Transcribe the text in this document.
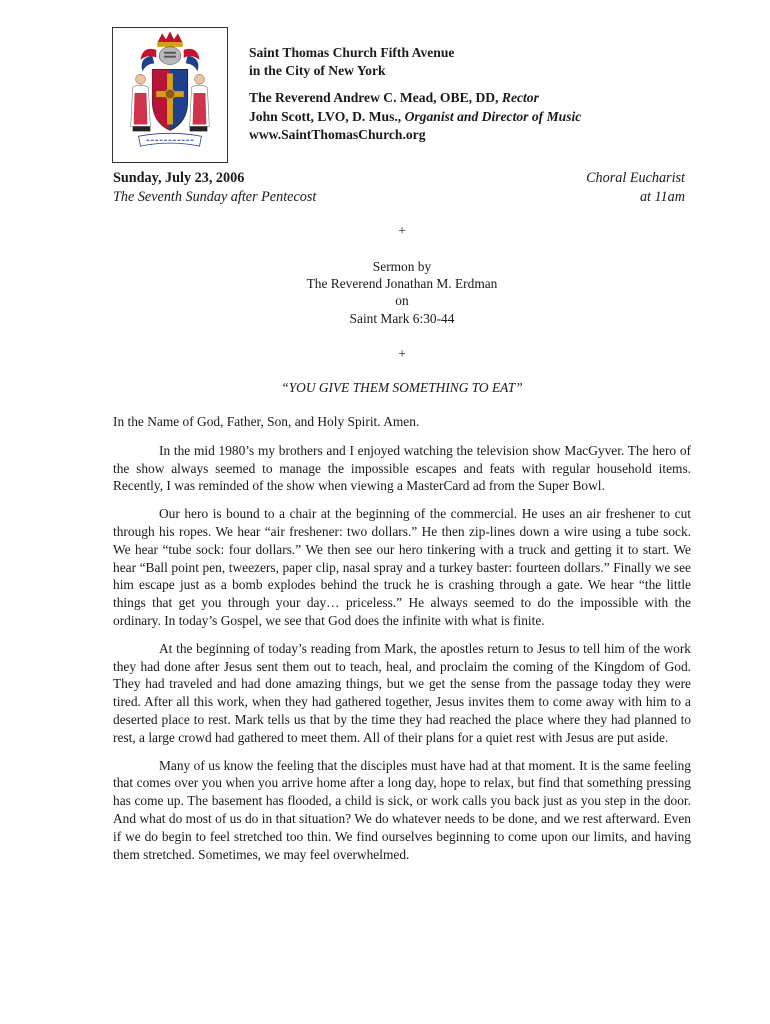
Saint Thomas Church Fifth Avenue
in the City of New York
The Reverend Andrew C. Mead, OBE, DD, Rector
John Scott, LVO, D. Mus., Organist and Director of Music
www.SaintThomasChurch.org
Sunday, July 23, 2006
The Seventh Sunday after Pentecost
Choral Eucharist
at 11am
+
Sermon by
The Reverend Jonathan M. Erdman
on
Saint Mark 6:30-44
+
“YOU GIVE THEM SOMETHING TO EAT”

In the Name of God, Father, Son, and Holy Spirit. Amen.

In the mid 1980’s my brothers and I enjoyed watching the television show MacGyver. The hero of the show always seemed to manage the impossible escapes and feats with regular household items. Recently, I was reminded of the show when viewing a MasterCard ad from the Super Bowl.

Our hero is bound to a chair at the beginning of the commercial. He uses an air freshener to cut through his ropes. We hear “air freshener: two dollars.” He then zip-lines down a wire using a tube sock. We hear “tube sock: four dollars.” We then see our hero tinkering with a truck and getting it to start. We hear “Ball point pen, tweezers, paper clip, nasal spray and a turkey baster: fourteen dollars.” Finally we see him escape just as a bomb explodes behind the truck he is crashing through a gate. We hear “the little things that get you through your day… priceless.” He always seemed to do the impossible with the ordinary. In today’s Gospel, we see that God does the infinite with what is finite.

At the beginning of today’s reading from Mark, the apostles return to Jesus to tell him of the work they had done after Jesus sent them out to teach, heal, and proclaim the coming of the Kingdom of God. They had traveled and had done amazing things, but we get the sense from the passage today they were tired. After all this work, when they had gathered together, Jesus invites them to come away with him to a deserted place to rest. Mark tells us that by the time they had reached the place where they had planned to rest, a large crowd had gathered to meet them. All of their plans for a quiet rest with Jesus are put aside.

Many of us know the feeling that the disciples must have had at that moment. It is the same feeling that comes over you when you arrive home after a long day, hope to relax, but find that something pressing has come up. The basement has flooded, a child is sick, or work calls you back just as you step in the door. And what do most of us do in that situation? We do whatever needs to be done, and we rest afterward. Even if we do begin to feel stretched too thin. We find ourselves beginning to come upon our limits, and having them stretched. Sometimes, we may feel overwhelmed.
